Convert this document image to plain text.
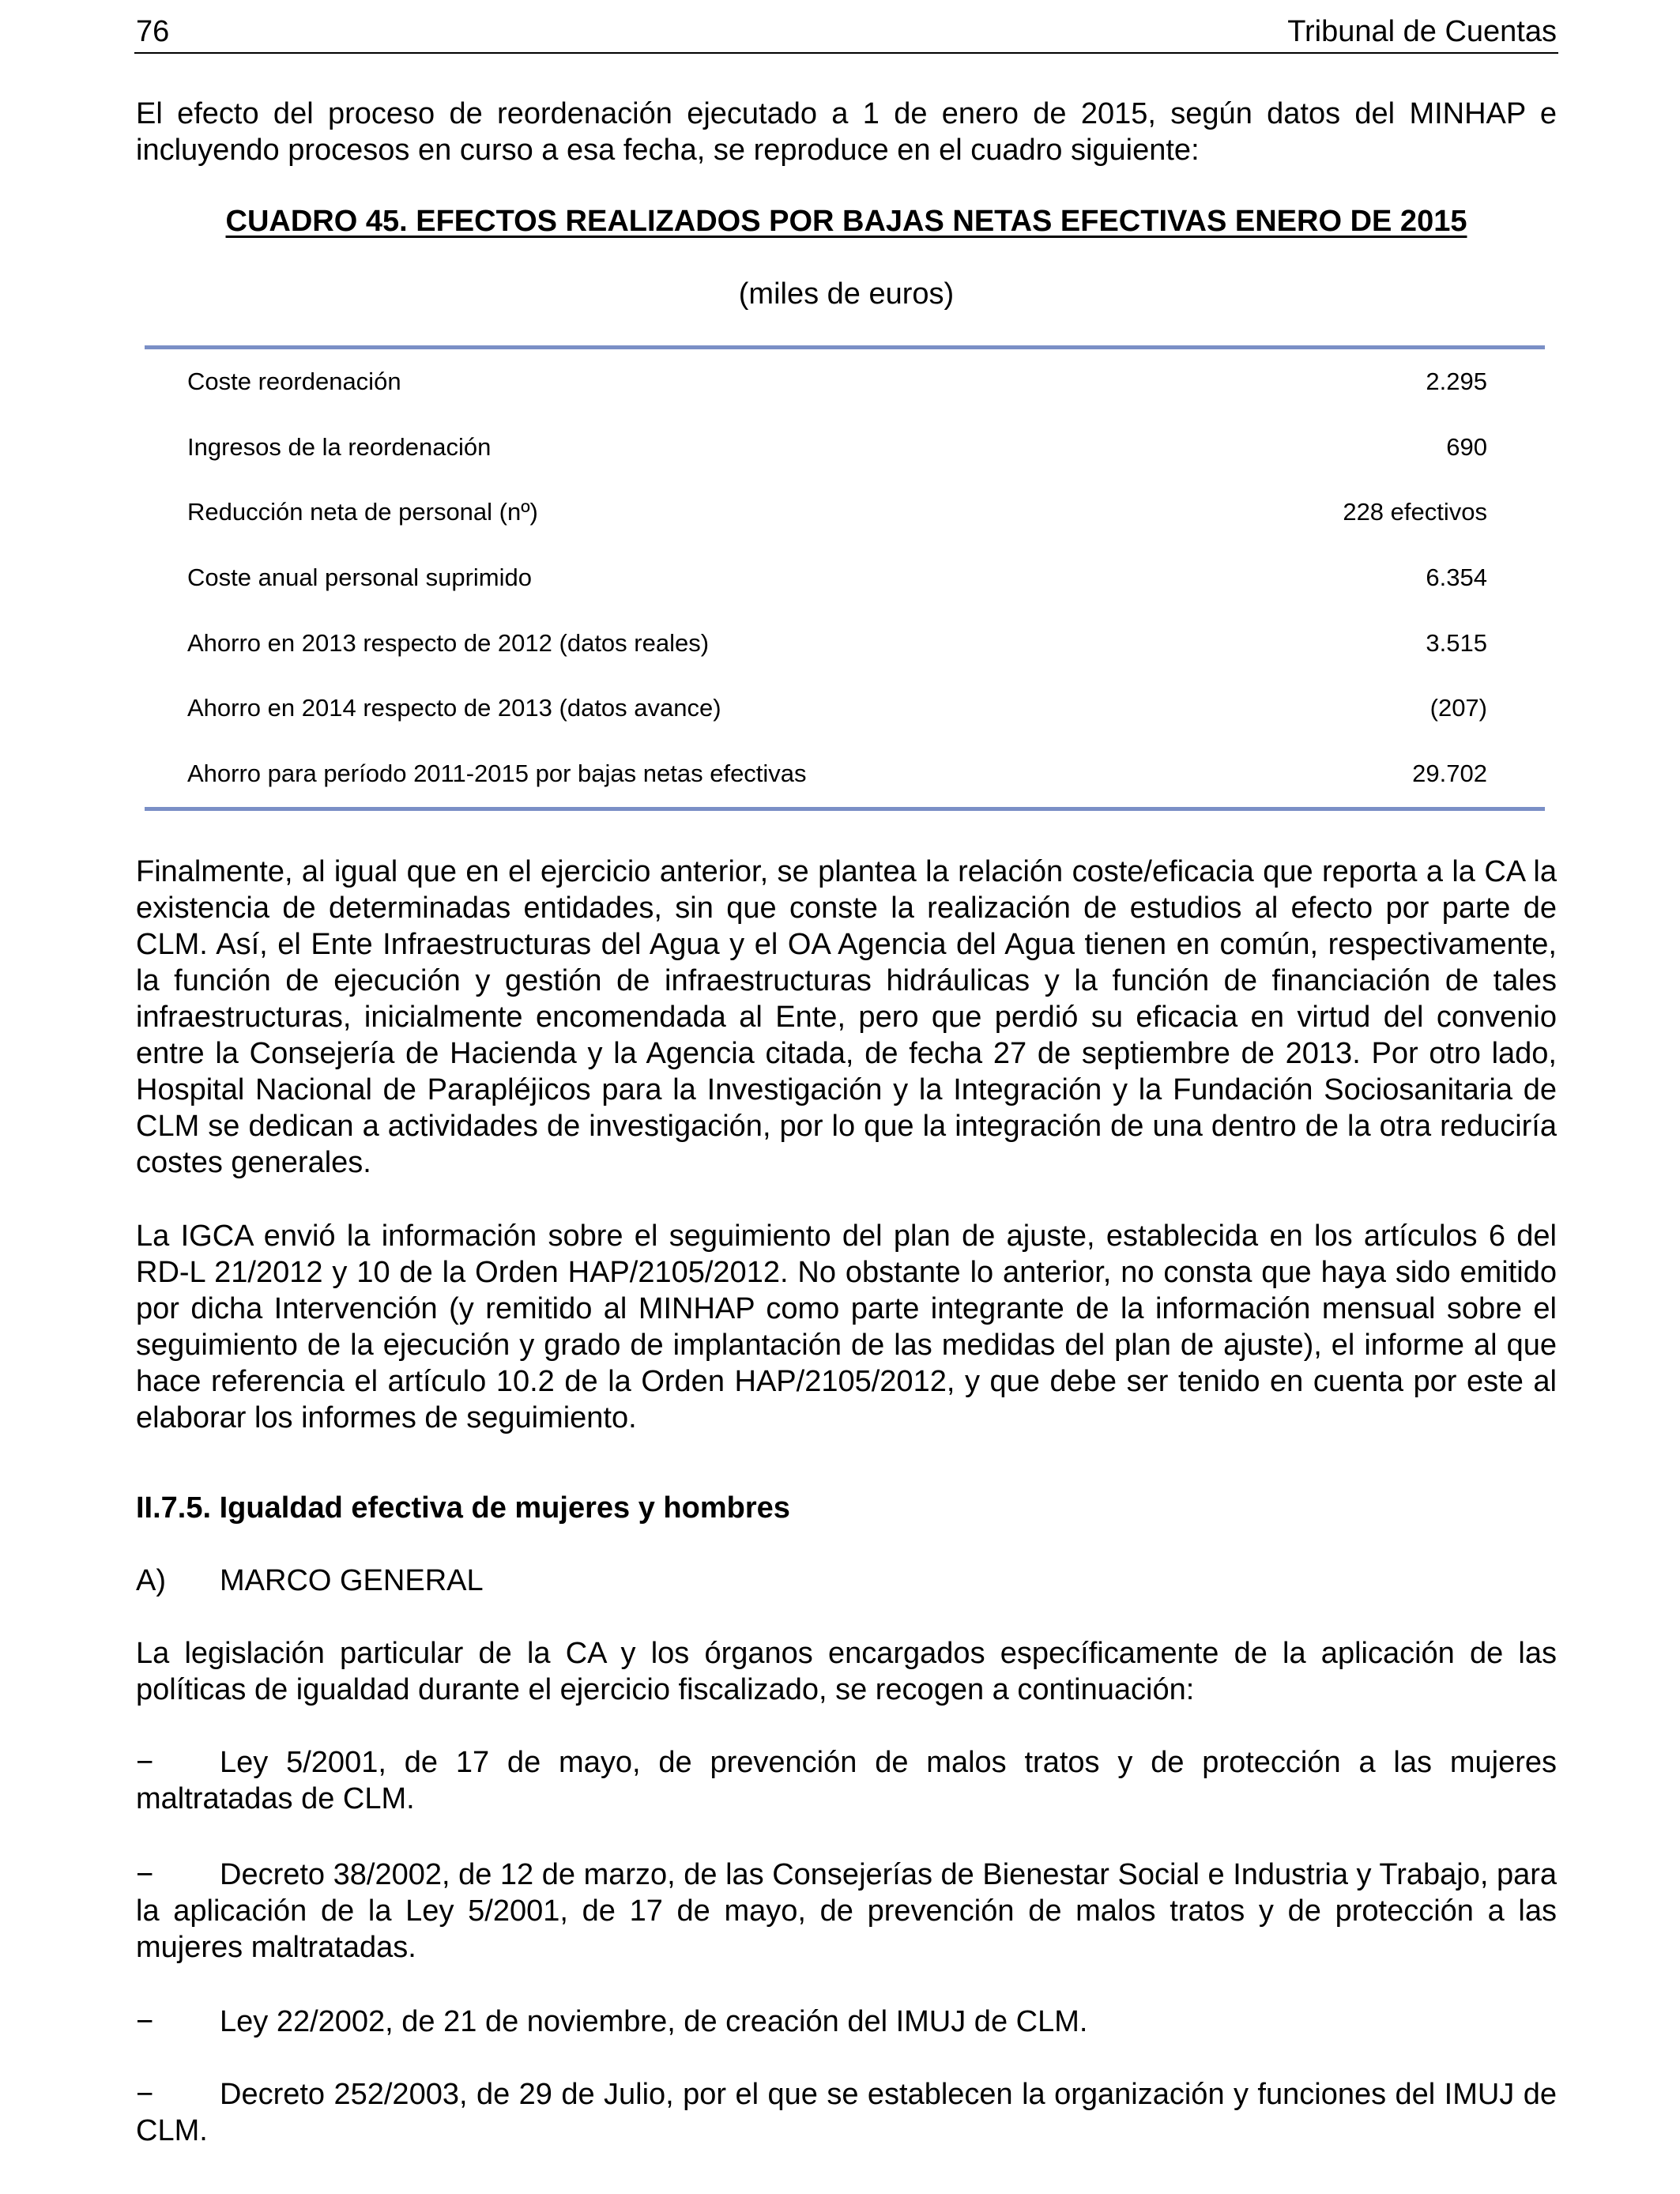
76	Tribunal de Cuentas

El efecto del proceso de reordenación ejecutado a 1 de enero de 2015, según datos del MINHAP e incluyendo procesos en curso a esa fecha, se reproduce en el cuadro siguiente:

CUADRO 45. EFECTOS REALIZADOS POR BAJAS NETAS EFECTIVAS ENERO DE 2015

(miles de euros)

Coste reordenación	2.295
Ingresos de la reordenación	690
Reducción neta de personal (nº)	228 efectivos
Coste anual personal suprimido	6.354
Ahorro en 2013 respecto de 2012 (datos reales)	3.515
Ahorro en 2014 respecto de 2013 (datos avance)	(207)
Ahorro para período 2011-2015 por bajas netas efectivas	29.702

Finalmente, al igual que en el ejercicio anterior, se plantea la relación coste/eficacia que reporta a la CA la existencia de determinadas entidades, sin que conste la realización de estudios al efecto por parte de CLM. Así, el Ente Infraestructuras del Agua y el OA Agencia del Agua tienen en común, respectivamente, la función de ejecución y gestión de infraestructuras hidráulicas y la función de financiación de tales infraestructuras, inicialmente encomendada al Ente, pero que perdió su eficacia en virtud del convenio entre la Consejería de Hacienda y la Agencia citada, de fecha 27 de septiembre de 2013. Por otro lado, Hospital Nacional de Parapléjicos para la Investigación y la Integración y la Fundación Sociosanitaria de CLM se dedican a actividades de investigación, por lo que la integración de una dentro de la otra reduciría costes generales.

La IGCA envió la información sobre el seguimiento del plan de ajuste, establecida en los artículos 6 del RD-L 21/2012 y 10 de la Orden HAP/2105/2012. No obstante lo anterior, no consta que haya sido emitido por dicha Intervención (y remitido al MINHAP como parte integrante de la información mensual sobre el seguimiento de la ejecución y grado de implantación de las medidas del plan de ajuste), el informe al que hace referencia el artículo 10.2 de la Orden HAP/2105/2012, y que debe ser tenido en cuenta por este al elaborar los informes de seguimiento.

II.7.5. Igualdad efectiva de mujeres y hombres

A) MARCO GENERAL

La legislación particular de la CA y los órganos encargados específicamente de la aplicación de las políticas de igualdad durante el ejercicio fiscalizado, se recogen a continuación:

− Ley 5/2001, de 17 de mayo, de prevención de malos tratos y de protección a las mujeres maltratadas de CLM.

− Decreto 38/2002, de 12 de marzo, de las Consejerías de Bienestar Social e Industria y Trabajo, para la aplicación de la Ley 5/2001, de 17 de mayo, de prevención de malos tratos y de protección a las mujeres maltratadas.

− Ley 22/2002, de 21 de noviembre, de creación del IMUJ de CLM.

− Decreto 252/2003, de 29 de Julio, por el que se establecen la organización y funciones del IMUJ de CLM.
